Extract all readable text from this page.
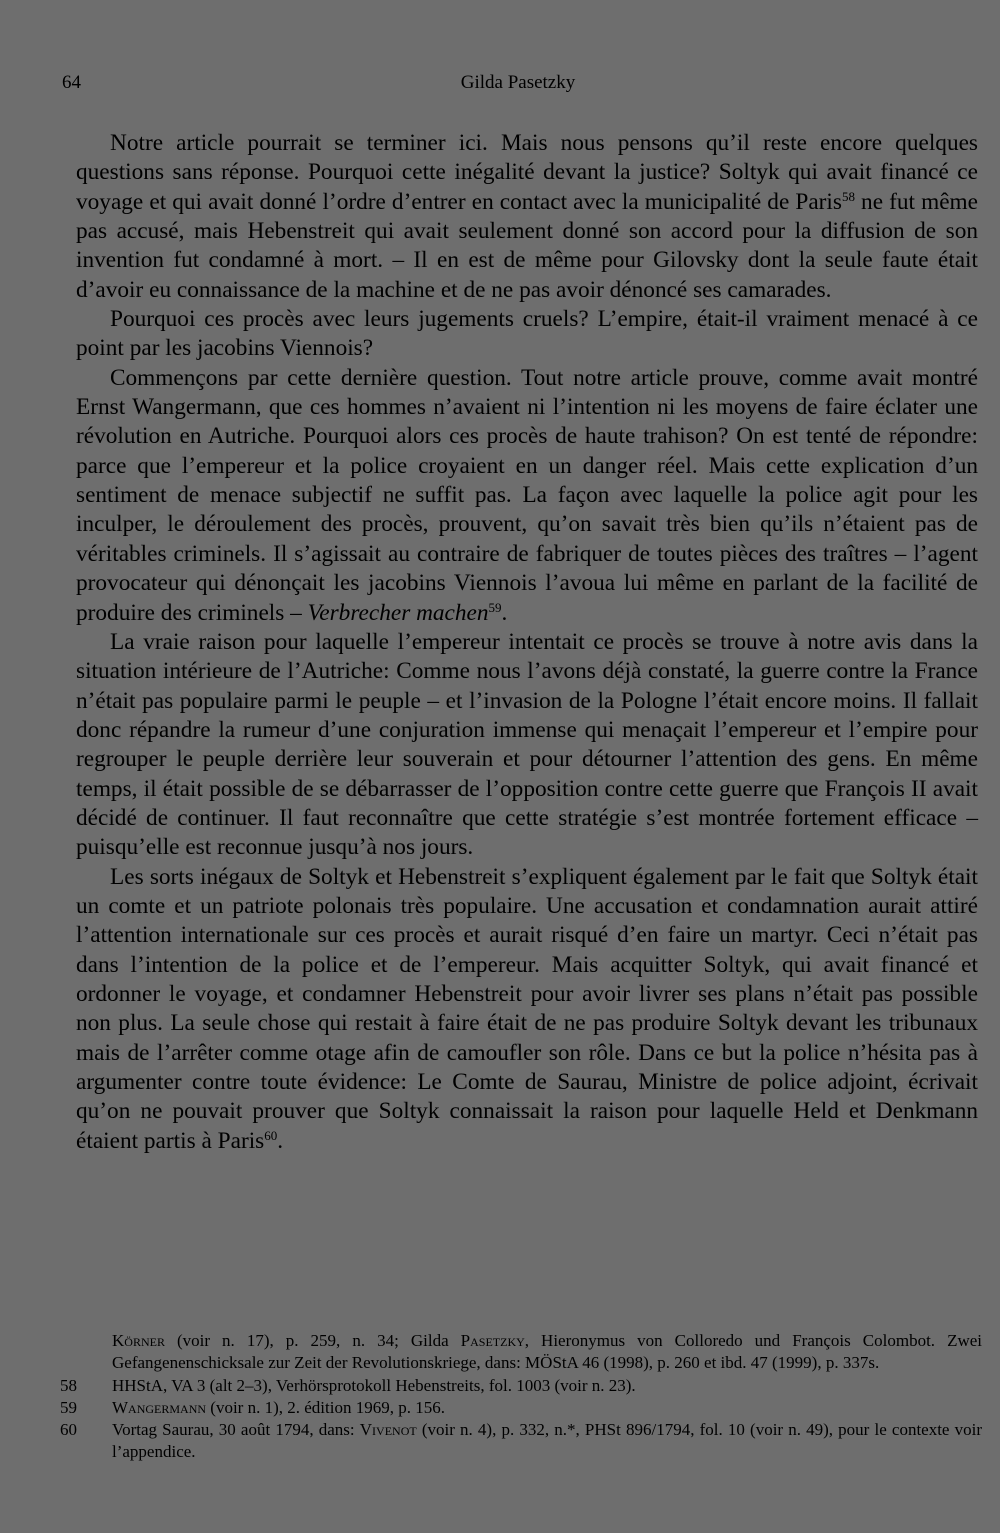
64	Gilda Pasetzky

Notre article pourrait se terminer ici. Mais nous pensons qu’il reste encore quelques questions sans réponse. Pourquoi cette inégalité devant la justice? Soltyk qui avait financé ce voyage et qui avait donné l’ordre d’entrer en contact avec la municipalité de Paris$^{58}$ ne fut même pas accusé, mais Hebenstreit qui avait seulement donné son accord pour la diffusion de son invention fut condamné à mort. – Il en est de même pour Gilovsky dont la seule faute était d’avoir eu connaissance de la machine et de ne pas avoir dénoncé ses camarades.

Pourquoi ces procès avec leurs jugements cruels? L’empire, était-il vraiment menacé à ce point par les jacobins Viennois?

Commençons par cette dernière question. Tout notre article prouve, comme avait montré Ernst Wangermann, que ces hommes n’avaient ni l’intention ni les moyens de faire éclater une révolution en Autriche. Pourquoi alors ces procès de haute trahison? On est tenté de répondre: parce que l’empereur et la police croyaient en un danger réel. Mais cette explication d’un sentiment de menace subjectif ne suffit pas. La façon avec laquelle la police agit pour les inculper, le déroulement des procès, prouvent, qu’on savait très bien qu’ils n’étaient pas de véritables criminels. Il s’agissait au contraire de fabriquer de toutes pièces des traîtres – l’agent provocateur qui dénonçait les jacobins Viennois l’avoua lui même en parlant de la facilité de produire des criminels – Verbrecher machen$^{59}$.

La vraie raison pour laquelle l’empereur intentait ce procès se trouve à notre avis dans la situation intérieure de l’Autriche: Comme nous l’avons déjà constaté, la guerre contre la France n’était pas populaire parmi le peuple – et l’invasion de la Pologne l’était encore moins. Il fallait donc répandre la rumeur d’une conjuration immense qui menaçait l’empereur et l’empire pour regrouper le peuple derrière leur souverain et pour détourner l’attention des gens. En même temps, il était possible de se débarrasser de l’opposition contre cette guerre que François II avait décidé de continuer. Il faut reconnaître que cette stratégie s’est montrée fortement efficace – puisqu’elle est reconnue jusqu’à nos jours.

Les sorts inégaux de Soltyk et Hebenstreit s’expliquent également par le fait que Soltyk était un comte et un patriote polonais très populaire. Une accusation et condamnation aurait attiré l’attention internationale sur ces procès et aurait risqué d’en faire un martyr. Ceci n’était pas dans l’intention de la police et de l’empereur. Mais acquitter Soltyk, qui avait financé et ordonner le voyage, et condamner Hebenstreit pour avoir livrer ses plans n’était pas possible non plus. La seule chose qui restait à faire était de ne pas produire Soltyk devant les tribunaux mais de l’arrêter comme otage afin de camoufler son rôle. Dans ce but la police n’hésita pas à argumenter contre toute évidence: Le Comte de Saurau, Ministre de police adjoint, écrivait qu’on ne pouvait prouver que Soltyk connaissait la raison pour laquelle Held et Denkmann étaient partis à Paris$^{60}$.

Körner (voir n. 17), p. 259, n. 34; Gilda Pasetzky, Hieronymus von Colloredo und François Colombot. Zwei Gefangenenschicksale zur Zeit der Revolutionskriege, dans: MÖStA 46 (1998), p. 260 et ibd. 47 (1999), p. 337s.
58 HHStA, VA 3 (alt 2–3), Verhörsprotokoll Hebenstreits, fol. 1003 (voir n. 23).
59 Wangermann (voir n. 1), 2. édition 1969, p. 156.
60 Vortag Saurau, 30 août 1794, dans: Vivenot (voir n. 4), p. 332, n.*, PHSt 896/1794, fol. 10 (voir n. 49), pour le contexte voir l’appendice.
